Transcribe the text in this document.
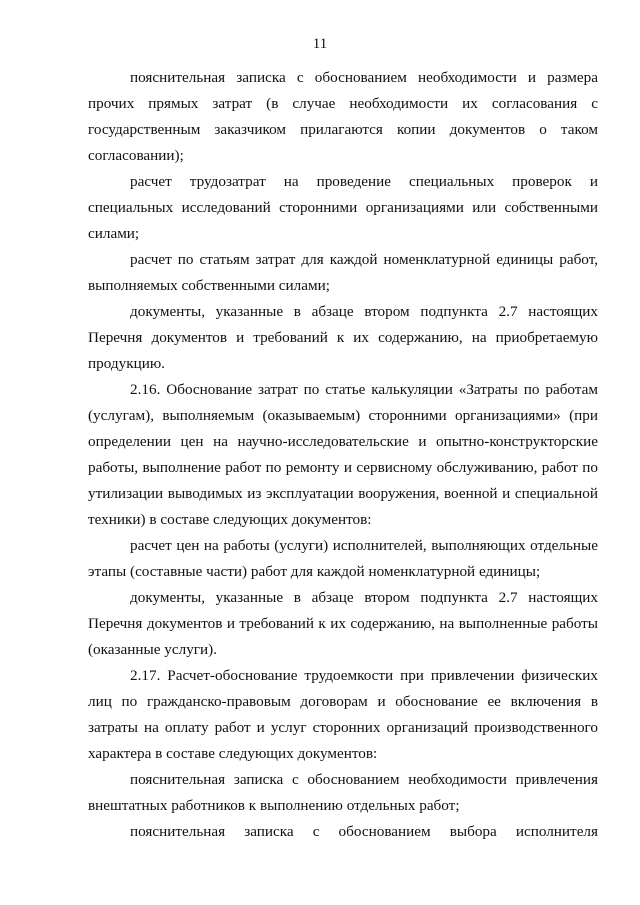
11

пояснительная записка с обоснованием необходимости и размера прочих прямых затрат (в случае необходимости их согласования с государственным заказчиком прилагаются копии документов о таком согласовании);

расчет трудозатрат на проведение специальных проверок и специальных исследований сторонними организациями или собственными силами;

расчет по статьям затрат для каждой номенклатурной единицы работ, выполняемых собственными силами;

документы, указанные в абзаце втором подпункта 2.7 настоящих Перечня документов и требований к их содержанию, на приобретаемую продукцию.

2.16. Обоснование затрат по статье калькуляции «Затраты по работам (услугам), выполняемым (оказываемым) сторонними организациями» (при определении цен на научно-исследовательские и опытно-конструкторские работы, выполнение работ по ремонту и сервисному обслуживанию, работ по утилизации выводимых из эксплуатации вооружения, военной и специальной техники) в составе следующих документов:

расчет цен на работы (услуги) исполнителей, выполняющих отдельные этапы (составные части) работ для каждой номенклатурной единицы;

документы, указанные в абзаце втором подпункта 2.7 настоящих Перечня документов и требований к их содержанию, на выполненные работы (оказанные услуги).

2.17. Расчет-обоснование трудоемкости при привлечении физических лиц по гражданско-правовым договорам и обоснование ее включения в затраты на оплату работ и услуг сторонних организаций производственного характера в составе следующих документов:

пояснительная записка с обоснованием необходимости привлечения внештатных работников к выполнению отдельных работ;

пояснительная записка с обоснованием выбора исполнителя
